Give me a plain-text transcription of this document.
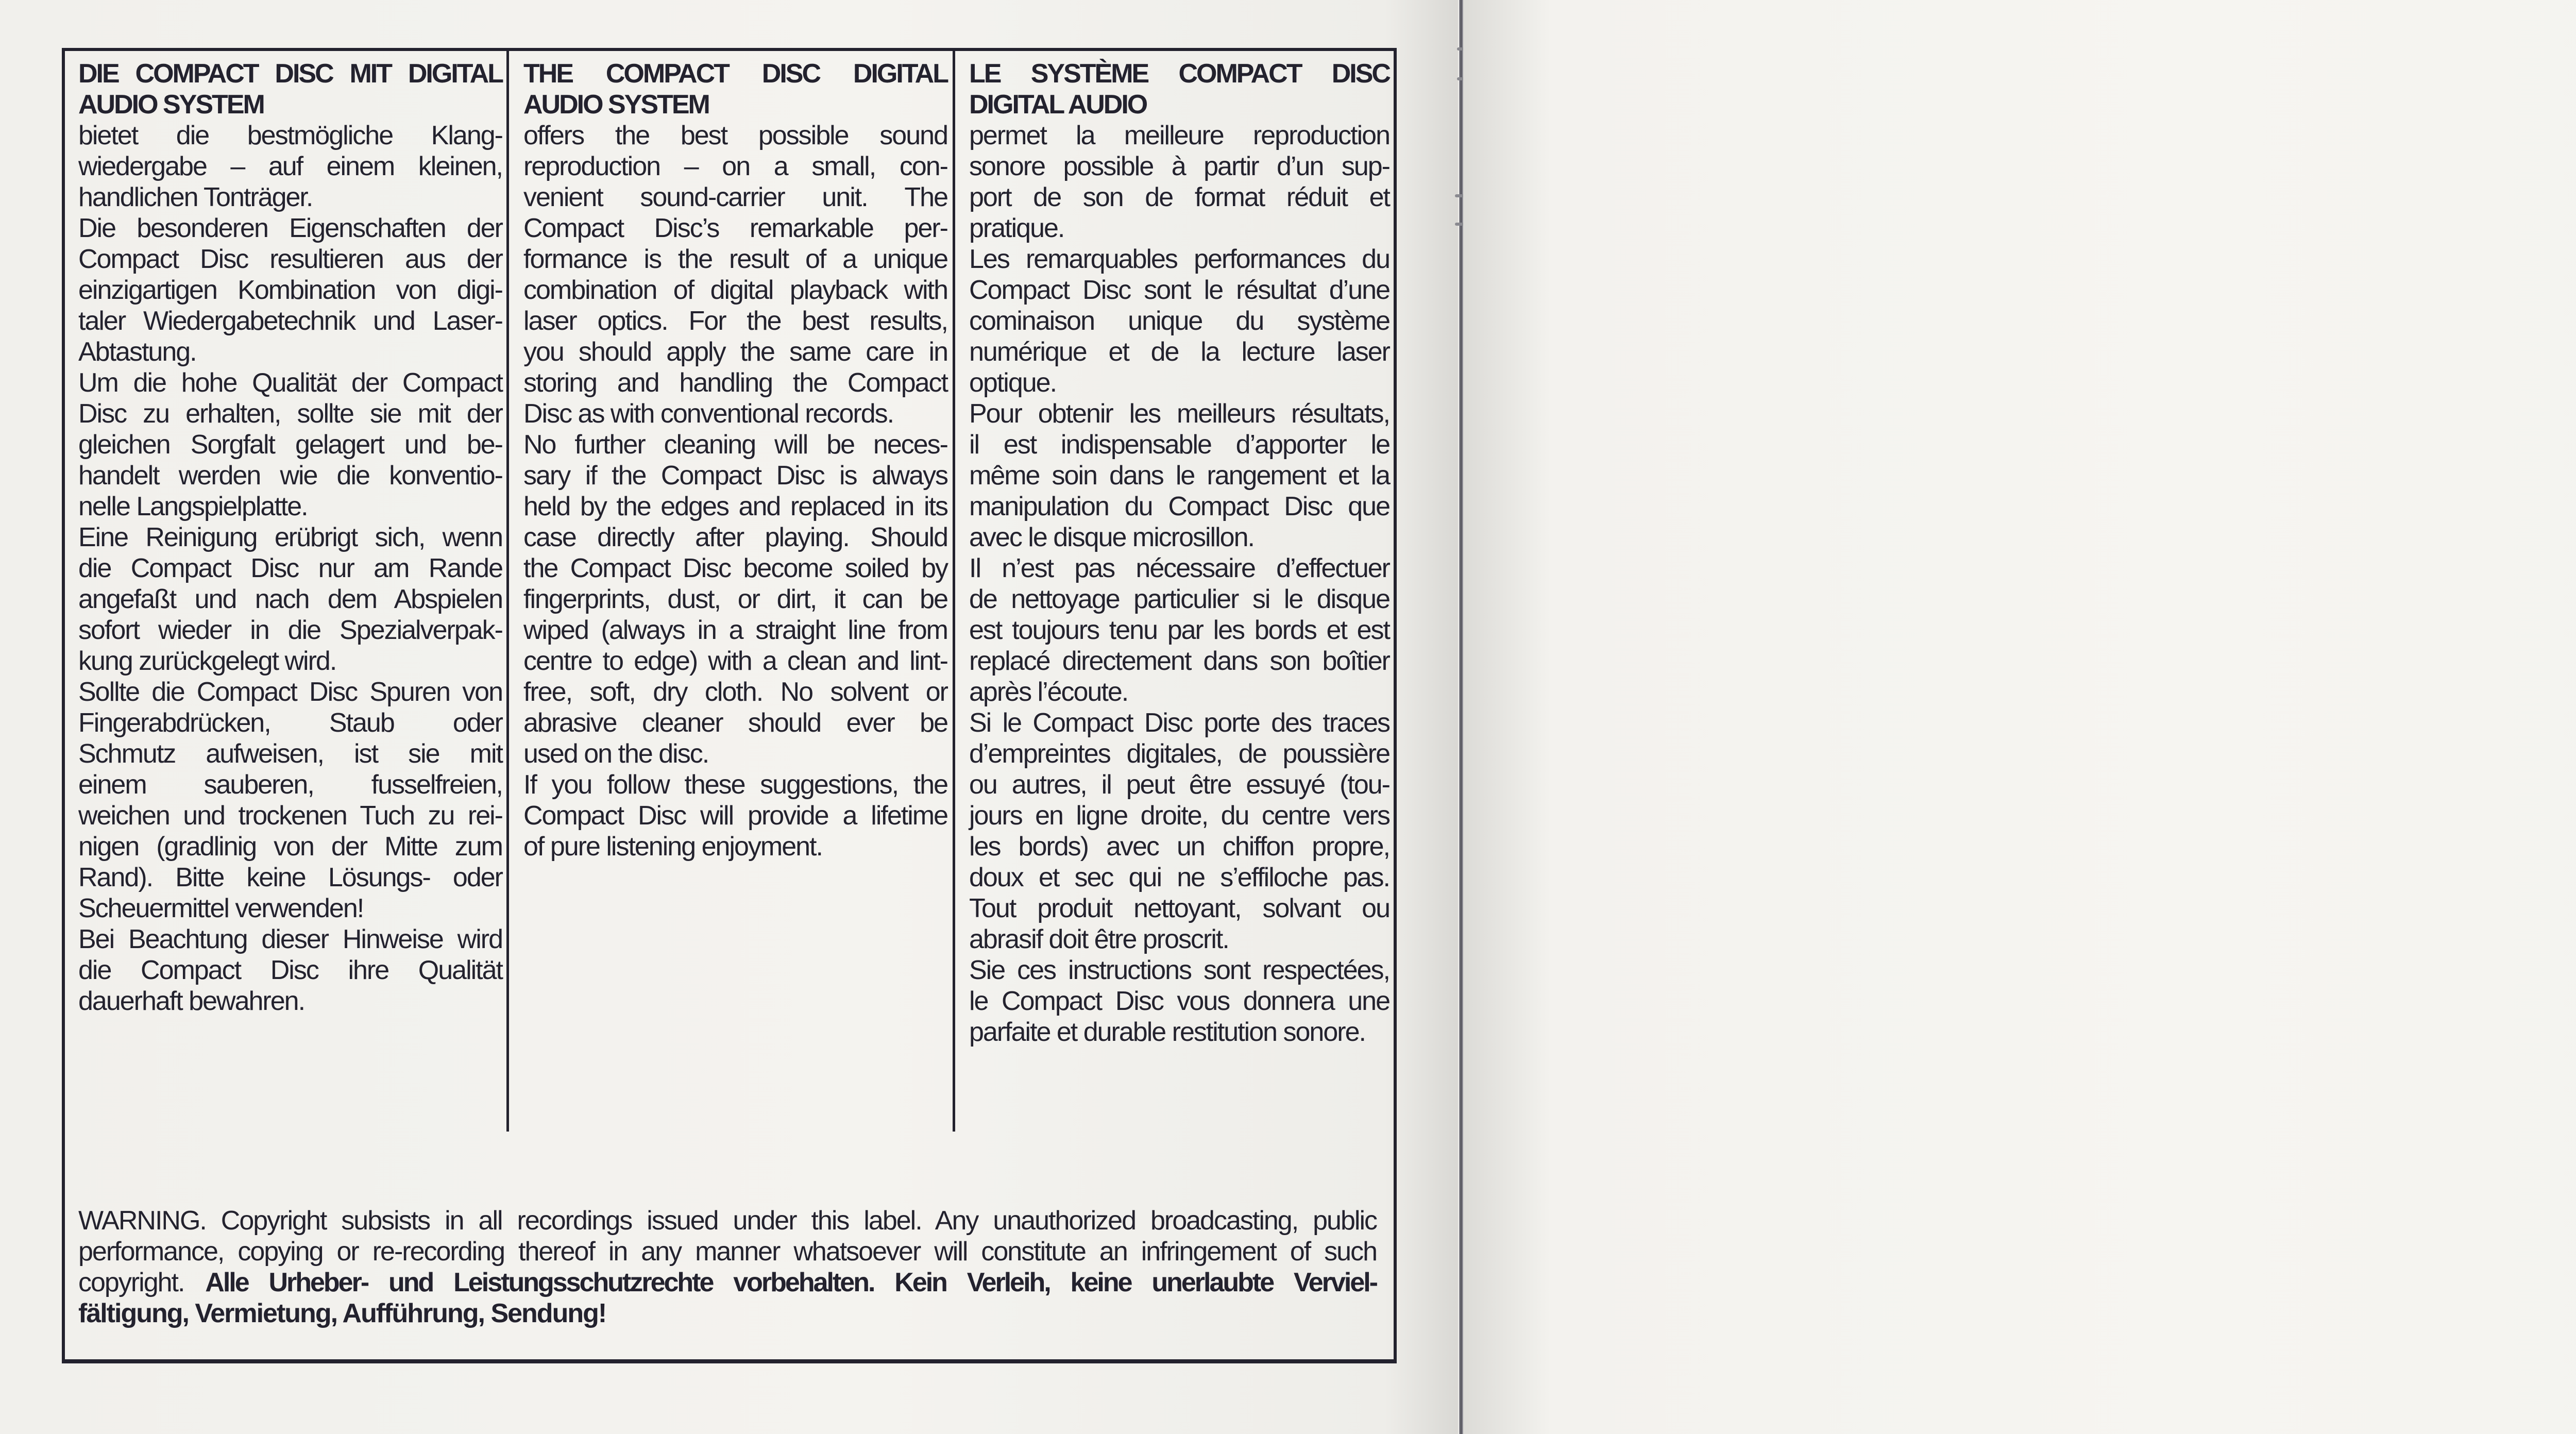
DIE COMPACT DISC MIT DIGITAL
AUDIO SYSTEM
bietet die bestmögliche Klang-
wiedergabe – auf einem kleinen,
handlichen Tonträger.
Die besonderen Eigenschaften der
Compact Disc resultieren aus der
einzigartigen Kombination von digi-
taler Wiedergabetechnik und Laser-
Abtastung.
Um die hohe Qualität der Compact
Disc zu erhalten, sollte sie mit der
gleichen Sorgfalt gelagert und be-
handelt werden wie die konventio-
nelle Langspielplatte.
Eine Reinigung erübrigt sich, wenn
die Compact Disc nur am Rande
angefaßt und nach dem Abspielen
sofort wieder in die Spezialverpak-
kung zurückgelegt wird.
Sollte die Compact Disc Spuren von
Fingerabdrücken, Staub oder
Schmutz aufweisen, ist sie mit
einem sauberen, fusselfreien,
weichen und trockenen Tuch zu rei-
nigen (gradlinig von der Mitte zum
Rand). Bitte keine Lösungs- oder
Scheuermittel verwenden!
Bei Beachtung dieser Hinweise wird
die Compact Disc ihre Qualität
dauerhaft bewahren.
THE COMPACT DISC DIGITAL
AUDIO SYSTEM
offers the best possible sound
reproduction – on a small, con-
venient sound-carrier unit. The
Compact Disc’s remarkable per-
formance is the result of a unique
combination of digital playback with
laser optics. For the best results,
you should apply the same care in
storing and handling the Compact
Disc as with conventional records.
No further cleaning will be neces-
sary if the Compact Disc is always
held by the edges and replaced in its
case directly after playing. Should
the Compact Disc become soiled by
fingerprints, dust, or dirt, it can be
wiped (always in a straight line from
centre to edge) with a clean and lint-
free, soft, dry cloth. No solvent or
abrasive cleaner should ever be
used on the disc.
If you follow these suggestions, the
Compact Disc will provide a lifetime
of pure listening enjoyment.
LE SYSTÈME COMPACT DISC
DIGITAL AUDIO
permet la meilleure reproduction
sonore possible à partir d’un sup-
port de son de format réduit et
pratique.
Les remarquables performances du
Compact Disc sont le résultat d’une
cominaison unique du système
numérique et de la lecture laser
optique.
Pour obtenir les meilleurs résultats,
il est indispensable d’apporter le
même soin dans le rangement et la
manipulation du Compact Disc que
avec le disque microsillon.
Il n’est pas nécessaire d’effectuer
de nettoyage particulier si le disque
est toujours tenu par les bords et est
replacé directement dans son boîtier
après l’écoute.
Si le Compact Disc porte des traces
d’empreintes digitales, de poussière
ou autres, il peut être essuyé (tou-
jours en ligne droite, du centre vers
les bords) avec un chiffon propre,
doux et sec qui ne s’effiloche pas.
Tout produit nettoyant, solvant ou
abrasif doit être proscrit.
Sie ces instructions sont respectées,
le Compact Disc vous donnera une
parfaite et durable restitution sonore.
WARNING. Copyright subsists in all recordings issued under this label. Any unauthorized broadcasting, public
performance, copying or re-recording thereof in any manner whatsoever will constitute an infringement of such
copyright. Alle Urheber- und Leistungsschutzrechte vorbehalten. Kein Verleih, keine unerlaubte Verviel-
fältigung, Vermietung, Aufführung, Sendung!
